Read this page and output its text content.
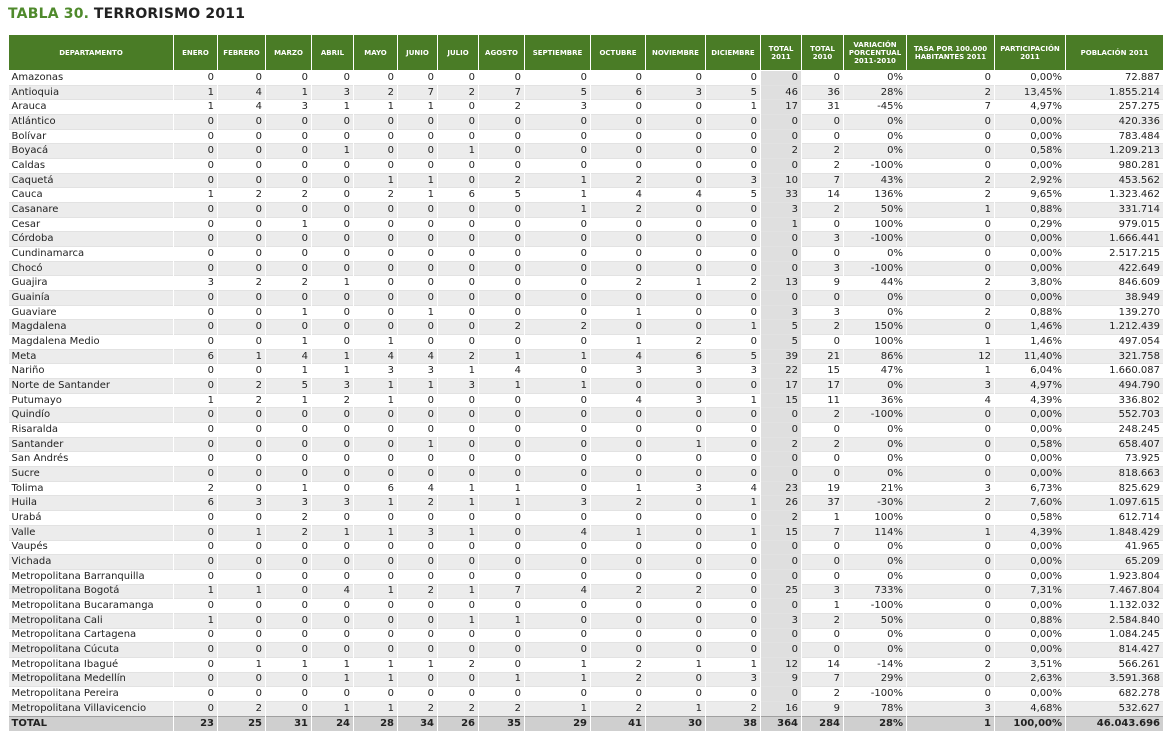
TABLA 30. TERRORISMO 2011
DEPARTAMENTO	ENERO	FEBRERO	MARZO	ABRIL	MAYO	JUNIO	JULIO	AGOSTO	SEPTIEMBRE	OCTUBRE	NOVIEMBRE	DICIEMBRE	TOTAL 2011	TOTAL 2010	VARIACIÓN PORCENTUAL 2011-2010	TASA POR 100.000 HABITANTES 2011	PARTICIPACIÓN 2011	POBLACIÓN 2011
Amazonas	0	0	0	0	0	0	0	0	0	0	0	0	0	0	0%	0	0,00%	72.887
Antioquia	1	4	1	3	2	7	2	7	5	6	3	5	46	36	28%	2	13,45%	1.855.214
Arauca	1	4	3	1	1	1	0	2	3	0	0	1	17	31	-45%	7	4,97%	257.275
Atlántico	0	0	0	0	0	0	0	0	0	0	0	0	0	0	0%	0	0,00%	420.336
Bolívar	0	0	0	0	0	0	0	0	0	0	0	0	0	0	0%	0	0,00%	783.484
Boyacá	0	0	0	1	0	0	1	0	0	0	0	0	2	2	0%	0	0,58%	1.209.213
Caldas	0	0	0	0	0	0	0	0	0	0	0	0	0	2	-100%	0	0,00%	980.281
Caquetá	0	0	0	0	1	1	0	2	1	2	0	3	10	7	43%	2	2,92%	453.562
Cauca	1	2	2	0	2	1	6	5	1	4	4	5	33	14	136%	2	9,65%	1.323.462
Casanare	0	0	0	0	0	0	0	0	1	2	0	0	3	2	50%	1	0,88%	331.714
Cesar	0	0	1	0	0	0	0	0	0	0	0	0	1	0	100%	0	0,29%	979.015
Córdoba	0	0	0	0	0	0	0	0	0	0	0	0	0	3	-100%	0	0,00%	1.666.441
Cundinamarca	0	0	0	0	0	0	0	0	0	0	0	0	0	0	0%	0	0,00%	2.517.215
Chocó	0	0	0	0	0	0	0	0	0	0	0	0	0	3	-100%	0	0,00%	422.649
Guajira	3	2	2	1	0	0	0	0	0	2	1	2	13	9	44%	2	3,80%	846.609
Guainía	0	0	0	0	0	0	0	0	0	0	0	0	0	0	0%	0	0,00%	38.949
Guaviare	0	0	1	0	0	1	0	0	0	1	0	0	3	3	0%	2	0,88%	139.270
Magdalena	0	0	0	0	0	0	0	2	2	0	0	1	5	2	150%	0	1,46%	1.212.439
Magdalena Medio	0	0	1	0	1	0	0	0	0	1	2	0	5	0	100%	1	1,46%	497.054
Meta	6	1	4	1	4	4	2	1	1	4	6	5	39	21	86%	12	11,40%	321.758
Nariño	0	0	1	1	3	3	1	4	0	3	3	3	22	15	47%	1	6,04%	1.660.087
Norte de Santander	0	2	5	3	1	1	3	1	1	0	0	0	17	17	0%	3	4,97%	494.790
Putumayo	1	2	1	2	1	0	0	0	0	4	3	1	15	11	36%	4	4,39%	336.802
Quindío	0	0	0	0	0	0	0	0	0	0	0	0	0	2	-100%	0	0,00%	552.703
Risaralda	0	0	0	0	0	0	0	0	0	0	0	0	0	0	0%	0	0,00%	248.245
Santander	0	0	0	0	0	1	0	0	0	0	1	0	2	2	0%	0	0,58%	658.407
San Andrés	0	0	0	0	0	0	0	0	0	0	0	0	0	0	0%	0	0,00%	73.925
Sucre	0	0	0	0	0	0	0	0	0	0	0	0	0	0	0%	0	0,00%	818.663
Tolima	2	0	1	0	6	4	1	1	0	1	3	4	23	19	21%	3	6,73%	825.629
Huila	6	3	3	3	1	2	1	1	3	2	0	1	26	37	-30%	2	7,60%	1.097.615
Urabá	0	0	2	0	0	0	0	0	0	0	0	0	2	1	100%	0	0,58%	612.714
Valle	0	1	2	1	1	3	1	0	4	1	0	1	15	7	114%	1	4,39%	1.848.429
Vaupés	0	0	0	0	0	0	0	0	0	0	0	0	0	0	0%	0	0,00%	41.965
Vichada	0	0	0	0	0	0	0	0	0	0	0	0	0	0	0%	0	0,00%	65.209
Metropolitana Barranquilla	0	0	0	0	0	0	0	0	0	0	0	0	0	0	0%	0	0,00%	1.923.804
Metropolitana Bogotá	1	1	0	4	1	2	1	7	4	2	2	0	25	3	733%	0	7,31%	7.467.804
Metropolitana Bucaramanga	0	0	0	0	0	0	0	0	0	0	0	0	0	1	-100%	0	0,00%	1.132.032
Metropolitana Cali	1	0	0	0	0	0	1	1	0	0	0	0	3	2	50%	0	0,88%	2.584.840
Metropolitana Cartagena	0	0	0	0	0	0	0	0	0	0	0	0	0	0	0%	0	0,00%	1.084.245
Metropolitana Cúcuta	0	0	0	0	0	0	0	0	0	0	0	0	0	0	0%	0	0,00%	814.427
Metropolitana Ibagué	0	1	1	1	1	1	2	0	1	2	1	1	12	14	-14%	2	3,51%	566.261
Metropolitana Medellín	0	0	0	1	1	0	0	1	1	2	0	3	9	7	29%	0	2,63%	3.591.368
Metropolitana Pereira	0	0	0	0	0	0	0	0	0	0	0	0	0	2	-100%	0	0,00%	682.278
Metropolitana Villavicencio	0	2	0	1	1	2	2	2	1	2	1	2	16	9	78%	3	4,68%	532.627
TOTAL	23	25	31	24	28	34	26	35	29	41	30	38	364	284	28%	1	100,00%	46.043.696
